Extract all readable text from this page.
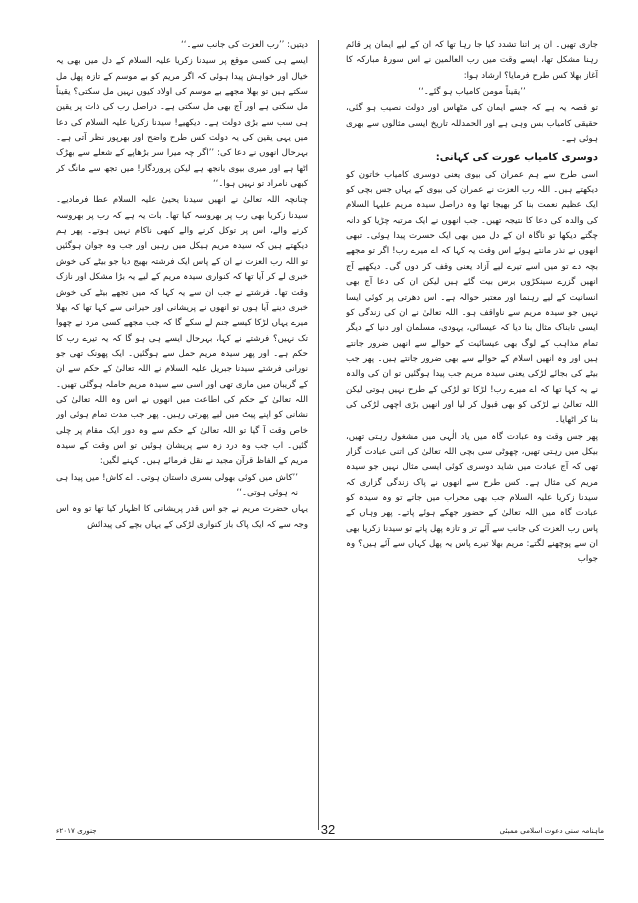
جاری تھیں۔ ان پر اتنا تشدد کیا جا رہا تھا کہ ان کے لیے ایمان پر قائم رہنا مشکل تھا، ایسے وقت میں رب العالمین نے اس سورۂ مبارکہ کا آغاز بھلا کس طرح فرمایا؟ ارشاد ہوا:

’’یقیناً مومن کامیاب ہو گئے۔‘‘

تو قصہ یہ ہے کہ جسے ایمان کی مٹھاس اور دولت نصیب ہو گئی، حقیقی کامیاب بس وہی ہے اور الحمدللہ تاریخ ایسی مثالوں سے بھری ہوئی ہے۔

دوسری کامیاب عورت کی کہانی:

اسی طرح سے ہم عمران کی بیوی یعنی دوسری کامیاب خاتون کو دیکھتے ہیں۔ اللہ رب العزت نے عمران کی بیوی کے یہاں جس بچی کو ایک عظیم نعمت بنا کر بھیجا تھا وہ دراصل سیدہ مریم علیہا السلام کی والدہ کی دعا کا نتیجہ تھیں۔ جب انھوں نے ایک مرتبہ چڑیا کو دانہ چگتے دیکھا تو ناگاہ ان کے دل میں بھی ایک حسرت پیدا ہوئی۔ تبھی انھوں نے نذر مانتے ہوئے اس وقت یہ کہا کہ اے میرے رب! اگر تو مجھے بچہ دے تو میں اسے تیرے لیے آزاد یعنی وقف کر دوں گی۔ دیکھیے آج انھیں گزرے سینکڑوں برس بیت گئے ہیں لیکن ان کی دعا آج بھی انسانیت کے لیے رہنما اور معتبر حوالہ ہے۔ اس دھرتی پر کوئی ایسا نہیں جو سیدہ مریم سے ناواقف ہو۔ اللہ تعالیٰ نے ان کی زندگی کو ایسی تابناک مثال بنا دیا کہ عیسائی، یہودی، مسلمان اور دنیا کے دیگر تمام مذاہب کے لوگ بھی عیسائیت کے حوالے سے انھیں ضرور جانتے ہیں اور وہ انھیں اسلام کے حوالے سے بھی ضرور جانتے ہیں۔ پھر جب بیٹے کی بجائے لڑکی یعنی سیدہ مریم جب پیدا ہوگئیں تو ان کی والدہ نے یہ کہا تھا کہ اے میرے رب! لڑکا تو لڑکی کے طرح نہیں ہوتی لیکن اللہ تعالیٰ نے لڑکی کو بھی قبول کر لیا اور انھیں بڑی اچھی لڑکی کی بنا کر اٹھایا۔

پھر جس وقت وہ عبادت گاہ میں یاد الٰہی میں مشغول رہتی تھیں، بیکل میں رہتی تھیں، چھوٹی سی بچی اللہ تعالیٰ کی اتنی عبادت گزار تھی کہ آج عبادت میں شاید دوسری کوئی ایسی مثال نہیں جو سیدہ مریم کی مثال ہے۔ کس طرح سے انھوں نے پاک زندگی گزاری کہ سیدنا زکریا علیہ السلام جب بھی محراب میں جاتے تو وہ سیدہ کو عبادت گاہ میں اللہ تعالیٰ کے حضور جھکے ہوئے پاتے۔ پھر وہاں کے پاس رب العزت کی جانب سے آئے تر و تازہ پھل پاتے تو سیدنا زکریا بھی ان سے پوچھنے لگتے: مریم بھلا تیرے پاس یہ پھل کہاں سے آئے ہیں؟ وہ جواب

دیتیں: ’’رب العزت کی جانب سے۔‘‘

ایسے ہی کسی موقع پر سیدنا زکریا علیہ السلام کے دل میں بھی یہ خیال اور خواہش پیدا ہوئی کہ اگر مریم کو بے موسم کے تازہ پھل مل سکتے ہیں تو بھلا مجھے بے موسم کی اولاد کیوں نہیں مل سکتی؟ یقیناً مل سکتی ہے اور آج بھی مل سکتی ہے۔ دراصل رب کی ذات پر یقین ہی سب سے بڑی دولت ہے۔ دیکھیے! سیدنا زکریا علیہ السلام کی دعا میں یہی یقین کی یہ دولت کس طرح واضح اور بھرپور نظر آتی ہے۔ بہرحال انھوں نے دعا کی: ’’اگر چہ میرا سر بڑھاپے کے شعلے سے بھڑک اٹھا ہے اور میری بیوی بانجھ ہے لیکن پروردگار! میں تجھ سے مانگ کر کبھی نامراد تو نہیں ہوا۔‘‘

چنانچہ اللہ تعالیٰ نے انھیں سیدنا یحییٰ علیہ السلام عطا فرمادیے۔ سیدنا زکریا بھی رب پر بھروسہ کیا تھا۔ بات یہ ہے کہ رب پر بھروسہ کرنے والے، اس پر توکل کرنے والے کبھی ناکام نہیں ہوتے۔ پھر ہم دیکھتے ہیں کہ سیدہ مریم ہیکل میں رہیں اور جب وہ جوان ہوگئیں تو اللہ رب العزت نے ان کے پاس ایک فرشتہ بھیج دیا جو بیٹے کی خوش خبری لے کر آیا تھا کہ کنواری سیدہ مریم کے لیے یہ بڑا مشکل اور نازک وقت تھا۔ فرشتے نے جب ان سے یہ کہا کہ میں تجھے بیٹے کی خوش خبری دینے آیا ہوں تو انھوں نے پریشانی اور حیرانی سے کہا تھا کہ بھلا میرے یہاں لڑکا کیسے جنم لے سکے گا کہ جب مجھے کسی مرد نے چھوا تک نہیں؟ فرشتے نے کہا، بہرحال ایسے ہی ہو گا کہ یہ تیرے رب کا حکم ہے۔ اور پھر سیدہ مریم حمل سے ہوگئیں۔ ایک پھونک تھی جو نورانی فرشتے سیدنا جبریل علیہ السلام نے اللہ تعالیٰ کے حکم سے ان کے گریبان میں ماری تھی اور اسی سے سیدہ مریم حاملہ ہوگئی تھیں۔ اللہ تعالیٰ کے حکم کی اطاعت میں انھوں نے اس وہ اللہ تعالیٰ کی نشانی کو اپنے پیٹ میں لیے پھرتی رہیں۔ پھر جب مدت تمام ہوئی اور خاص وقت آ گیا تو اللہ تعالیٰ کے حکم سے وہ دور ایک مقام پر چلی گئیں۔ اب جب وہ درد زہ سے پریشان ہوئیں تو اس وقت کے سیدہ مریم کے الفاظ قرآن مجید نے نقل فرمائے ہیں۔ کہنے لگیں:

’’کاش میں کوئی بھولی بسری داستان ہوتی۔ اے کاش! میں پیدا ہی نہ ہوئی ہوتی۔‘‘

یہاں حضرت مریم نے جو اس قدر پریشانی کا اظہار کیا تھا تو وہ اس وجہ سے کہ ایک پاک باز کنواری لڑکی کے یہاں بچے کی پیدائش

ماہنامہ سنی دعوت اسلامی ممبئی
32
جنوری ۲۰۱۷ء
